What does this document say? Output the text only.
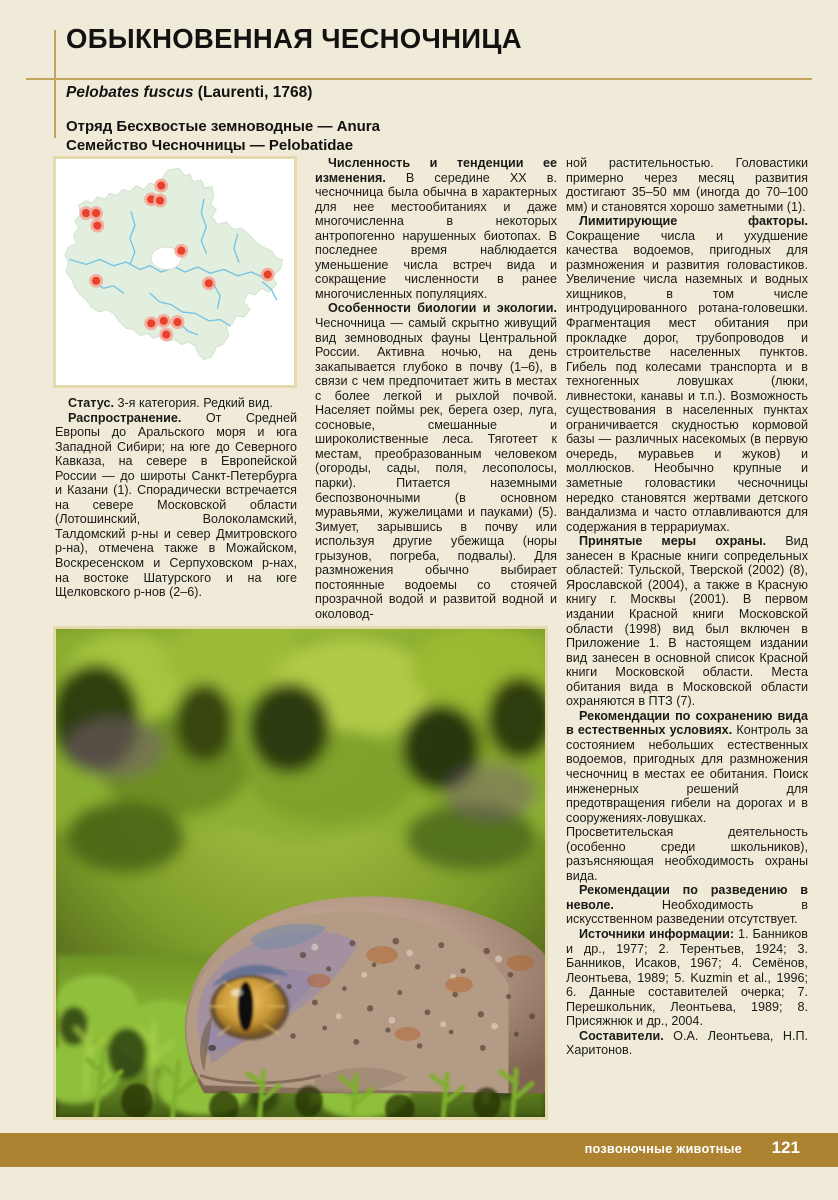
ОБЫКНОВЕННАЯ ЧЕСНОЧНИЦА
Pelobates fuscus (Laurenti, 1768)
Отряд Бесхвостые земноводные — Anura
Семейство Чесночницы — Pelobatidae

Статус. 3-я категория. Редкий вид.

Распространение. От Средней Европы до Аральского моря и юга Западной Сибири; на юге до Северного Кавказа, на севере в Европейской России — до широты Санкт-Петербурга и Казани (1). Спорадически встречается на севере Московской области (Лотошинский, Волоколамский, Талдомский р-ны и север Дмитровского р-на), отмечена также в Можайском, Воскресенском и Серпуховском р-нах, на востоке Шатурского и на юге Щелковского р-нов (2–6).

Численность и тенденции ее изменения. В середине XX в. чесночница была обычна в характерных для нее местообитаниях и даже многочисленна в некоторых антропогенно нарушенных биотопах. В последнее время наблюдается уменьшение числа встреч вида и сокращение численности в ранее многочисленных популяциях.

Особенности биологии и экологии. Чесночница — самый скрытно живущий вид земноводных фауны Центральной России. Активна ночью, на день закапывается глубоко в почву (1–6), в связи с чем предпочитает жить в местах с более легкой и рыхлой почвой. Населяет поймы рек, берега озер, луга, сосновые, смешанные и широколиственные леса. Тяготеет к местам, преобразованным человеком (огороды, сады, поля, лесополосы, парки). Питается наземными беспозвоночными (в основном муравьями, жужелицами и пауками) (5). Зимует, зарывшись в почву или используя другие убежища (норы грызунов, погреба, подвалы). Для размножения обычно выбирает постоянные водоемы со стоячей прозрачной водой и развитой водной и околовод-

ной растительностью. Головастики примерно через месяц развития достигают 35–50 мм (иногда до 70–100 мм) и становятся хорошо заметными (1).

Лимитирующие факторы. Сокращение числа и ухудшение качества водоемов, пригодных для размножения и развития головастиков. Увеличение числа наземных и водных хищников, в том числе интродуцированного ротана-головешки. Фрагментация мест обитания при прокладке дорог, трубопроводов и строительстве населенных пунктов. Гибель под колесами транспорта и в техногенных ловушках (люки, ливнестоки, канавы и т.п.). Возможность существования в населенных пунктах ограничивается скудностью кормовой базы — различных насекомых (в первую очередь, муравьев и жуков) и моллюсков. Необычно крупные и заметные головастики чесночницы нередко становятся жертвами детского вандализма и часто отлавливаются для содержания в террариумах.

Принятые меры охраны. Вид занесен в Красные книги сопредельных областей: Тульской, Тверской (2002) (8), Ярославской (2004), а также в Красную книгу г. Москвы (2001). В первом издании Красной книги Московской области (1998) вид был включен в Приложение 1. В настоящем издании вид занесен в основной список Красной книги Московской области. Места обитания вида в Московской области охраняются в ПТЗ (7).

Рекомендации по сохранению вида в естественных условиях. Контроль за состоянием небольших естественных водоемов, пригодных для размножения чесночниц в местах ее обитания. Поиск инженерных решений для предотвращения гибели на дорогах и в сооружениях-ловушках. Просветительская деятельность (особенно среди школьников), разъясняющая необходимость охраны вида.

Рекомендации по разведению в неволе. Необходимость в искусственном разведении отсутствует.

Источники информации: 1. Банников и др., 1977; 2. Терентьев, 1924; 3. Банников, Исаков, 1967; 4. Семёнов, Леонтьева, 1989; 5. Kuzmin et al., 1996; 6. Данные составителей очерка; 7. Перешкольник, Леонтьева, 1989; 8. Присяжнюк и др., 2004.

Составители. О.А. Леонтьева, Н.П. Харитонов.

позвоночные животные 121
